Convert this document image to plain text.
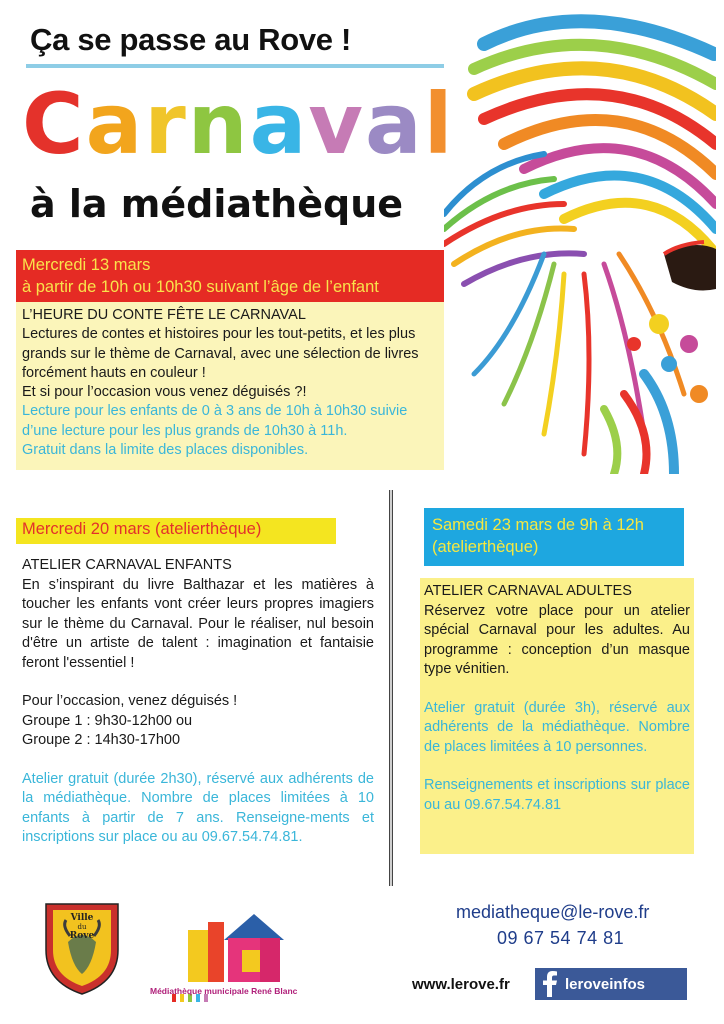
Ça se passe au Rove !
Carnaval
à la médiathèque
Mercredi 13 mars
à partir de 10h ou 10h30 suivant l’âge de l’enfant
L’HEURE DU CONTE FÊTE LE CARNAVAL
Lectures de contes et histoires pour les tout-petits, et les plus
grands sur le thème de Carnaval, avec une sélection de livres
forcément hauts en couleur !
Et si pour l’occasion vous venez déguisés ?!
Lecture pour les enfants de 0 à 3 ans de 10h à 10h30 suivie
d’une lecture pour les plus grands de 10h30 à 11h.
Gratuit dans la limite des places disponibles.
Mercredi 20 mars (atelierthèque)
ATELIER CARNAVAL ENFANTS
En s’inspirant du livre Balthazar et les matières à toucher les enfants vont créer leurs propres imagiers sur le thème du Carnaval. Pour le réaliser, nul besoin d'être un artiste de talent : imagination et fantaisie feront l'essentiel !
Pour l’occasion, venez déguisés !
Groupe 1 : 9h30-12h00 ou
Groupe 2 : 14h30-17h00
Atelier gratuit (durée 2h30), réservé aux adhérents de la médiathèque. Nombre de places limitées à 10 enfants à partir de 7 ans. Renseigne-ments et inscriptions sur place ou au 09.67.54.74.81.
Samedi 23 mars de 9h à 12h
(atelierthèque)
ATELIER CARNAVAL ADULTES
Réservez votre place pour un atelier spécial Carnaval pour les adultes. Au programme : conception d’un masque type vénitien.
Atelier gratuit (durée 3h), réservé aux adhérents de la médiathèque. Nombre de places limitées à 10 personnes.
Renseignements et inscriptions sur place ou au 09.67.54.74.81
Ville
du
Rove
Médiathèque municipale René Blanc
mediatheque@le-rove.fr
09 67 54 74 81
www.lerove.fr	leroveinfos
